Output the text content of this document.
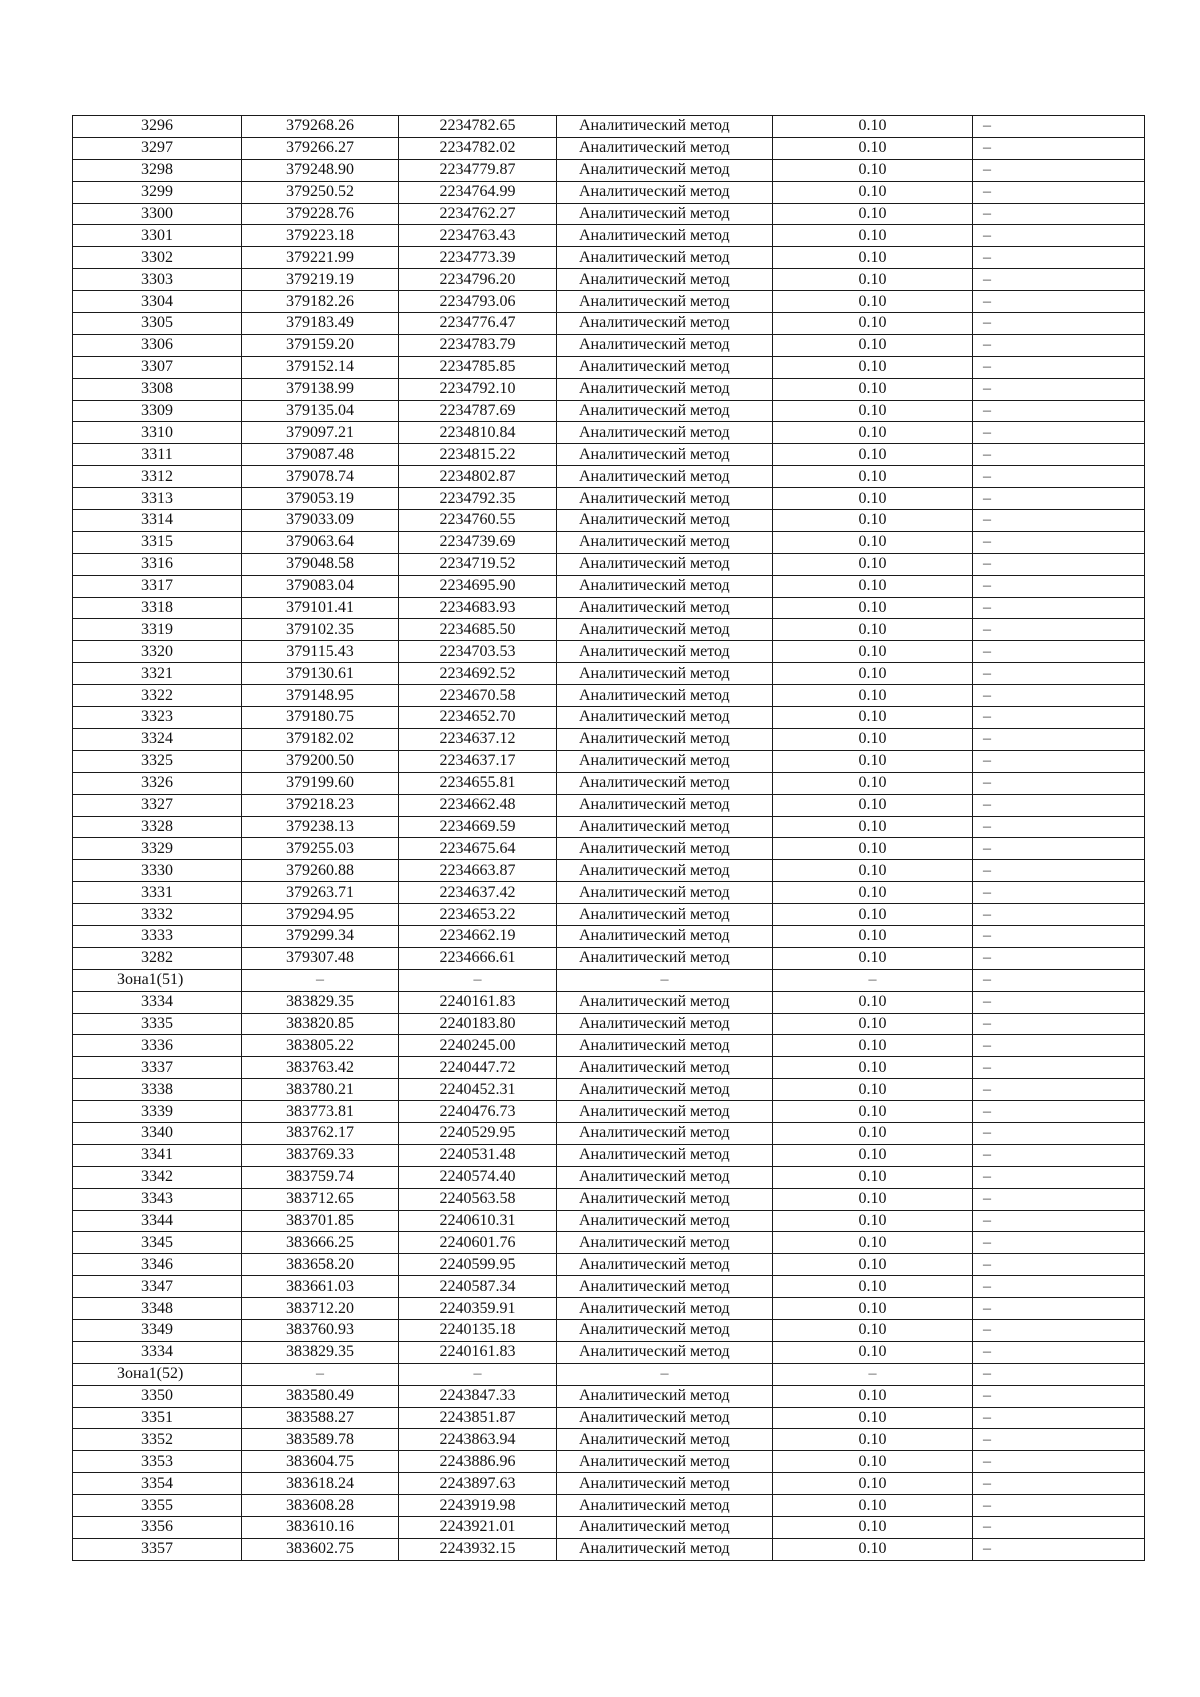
3296	379268.26	2234782.65	Аналитический метод	0.10	–
3297	379266.27	2234782.02	Аналитический метод	0.10	–
3298	379248.90	2234779.87	Аналитический метод	0.10	–
3299	379250.52	2234764.99	Аналитический метод	0.10	–
3300	379228.76	2234762.27	Аналитический метод	0.10	–
3301	379223.18	2234763.43	Аналитический метод	0.10	–
3302	379221.99	2234773.39	Аналитический метод	0.10	–
3303	379219.19	2234796.20	Аналитический метод	0.10	–
3304	379182.26	2234793.06	Аналитический метод	0.10	–
3305	379183.49	2234776.47	Аналитический метод	0.10	–
3306	379159.20	2234783.79	Аналитический метод	0.10	–
3307	379152.14	2234785.85	Аналитический метод	0.10	–
3308	379138.99	2234792.10	Аналитический метод	0.10	–
3309	379135.04	2234787.69	Аналитический метод	0.10	–
3310	379097.21	2234810.84	Аналитический метод	0.10	–
3311	379087.48	2234815.22	Аналитический метод	0.10	–
3312	379078.74	2234802.87	Аналитический метод	0.10	–
3313	379053.19	2234792.35	Аналитический метод	0.10	–
3314	379033.09	2234760.55	Аналитический метод	0.10	–
3315	379063.64	2234739.69	Аналитический метод	0.10	–
3316	379048.58	2234719.52	Аналитический метод	0.10	–
3317	379083.04	2234695.90	Аналитический метод	0.10	–
3318	379101.41	2234683.93	Аналитический метод	0.10	–
3319	379102.35	2234685.50	Аналитический метод	0.10	–
3320	379115.43	2234703.53	Аналитический метод	0.10	–
3321	379130.61	2234692.52	Аналитический метод	0.10	–
3322	379148.95	2234670.58	Аналитический метод	0.10	–
3323	379180.75	2234652.70	Аналитический метод	0.10	–
3324	379182.02	2234637.12	Аналитический метод	0.10	–
3325	379200.50	2234637.17	Аналитический метод	0.10	–
3326	379199.60	2234655.81	Аналитический метод	0.10	–
3327	379218.23	2234662.48	Аналитический метод	0.10	–
3328	379238.13	2234669.59	Аналитический метод	0.10	–
3329	379255.03	2234675.64	Аналитический метод	0.10	–
3330	379260.88	2234663.87	Аналитический метод	0.10	–
3331	379263.71	2234637.42	Аналитический метод	0.10	–
3332	379294.95	2234653.22	Аналитический метод	0.10	–
3333	379299.34	2234662.19	Аналитический метод	0.10	–
3282	379307.48	2234666.61	Аналитический метод	0.10	–
Зона1(51)	–	–	–	–	–
3334	383829.35	2240161.83	Аналитический метод	0.10	–
3335	383820.85	2240183.80	Аналитический метод	0.10	–
3336	383805.22	2240245.00	Аналитический метод	0.10	–
3337	383763.42	2240447.72	Аналитический метод	0.10	–
3338	383780.21	2240452.31	Аналитический метод	0.10	–
3339	383773.81	2240476.73	Аналитический метод	0.10	–
3340	383762.17	2240529.95	Аналитический метод	0.10	–
3341	383769.33	2240531.48	Аналитический метод	0.10	–
3342	383759.74	2240574.40	Аналитический метод	0.10	–
3343	383712.65	2240563.58	Аналитический метод	0.10	–
3344	383701.85	2240610.31	Аналитический метод	0.10	–
3345	383666.25	2240601.76	Аналитический метод	0.10	–
3346	383658.20	2240599.95	Аналитический метод	0.10	–
3347	383661.03	2240587.34	Аналитический метод	0.10	–
3348	383712.20	2240359.91	Аналитический метод	0.10	–
3349	383760.93	2240135.18	Аналитический метод	0.10	–
3334	383829.35	2240161.83	Аналитический метод	0.10	–
Зона1(52)	–	–	–	–	–
3350	383580.49	2243847.33	Аналитический метод	0.10	–
3351	383588.27	2243851.87	Аналитический метод	0.10	–
3352	383589.78	2243863.94	Аналитический метод	0.10	–
3353	383604.75	2243886.96	Аналитический метод	0.10	–
3354	383618.24	2243897.63	Аналитический метод	0.10	–
3355	383608.28	2243919.98	Аналитический метод	0.10	–
3356	383610.16	2243921.01	Аналитический метод	0.10	–
3357	383602.75	2243932.15	Аналитический метод	0.10	–
